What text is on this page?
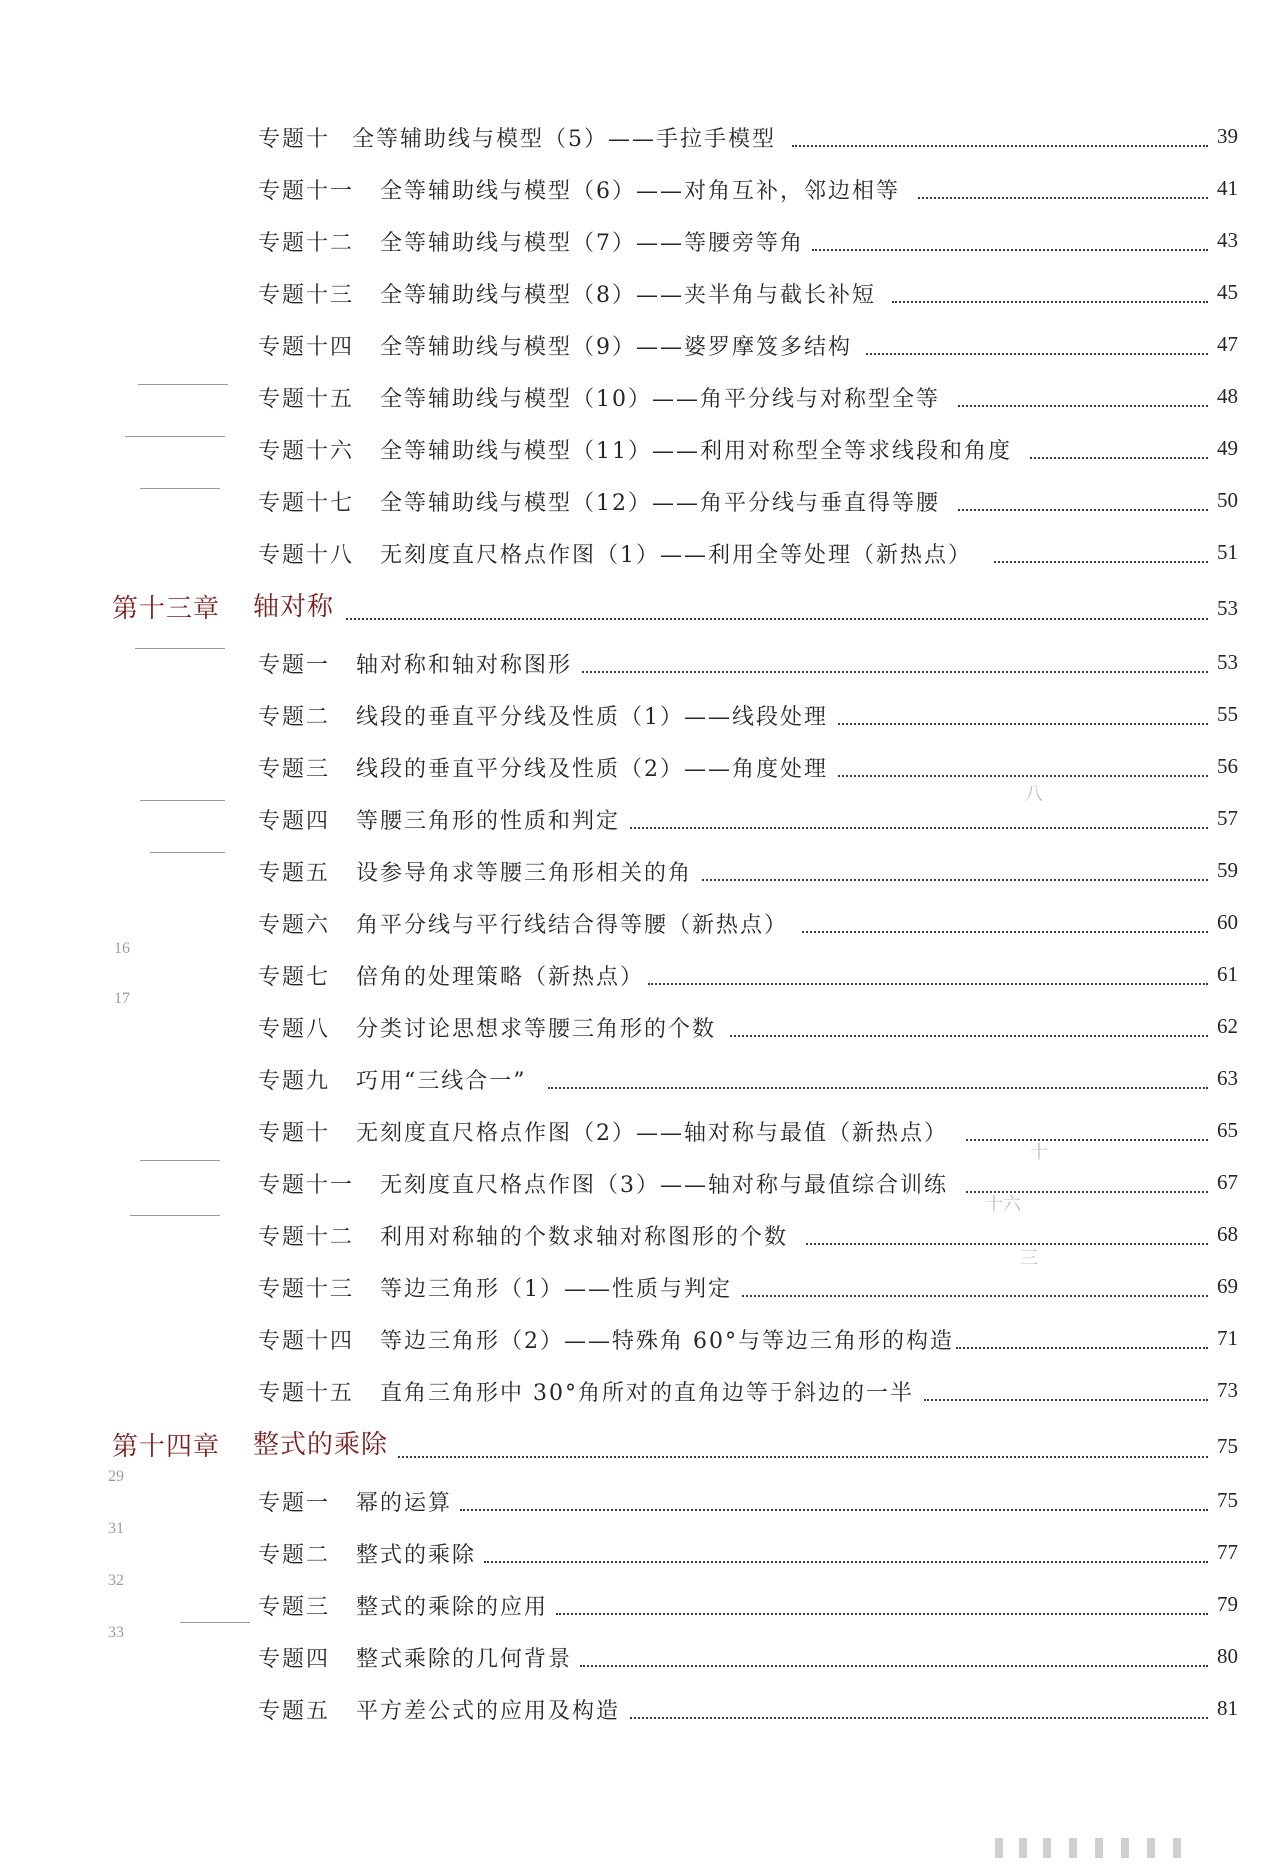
16
17
29
31
32
33
十六
三
十
八
专题十 全等辅助线与模型（5）——手拉手模型	39
专题十一 全等辅助线与模型（6）——对角互补，邻边相等	41
专题十二 全等辅助线与模型（7）——等腰旁等角	43
专题十三 全等辅助线与模型（8）——夹半角与截长补短	45
专题十四 全等辅助线与模型（9）——婆罗摩笈多结构	47
专题十五 全等辅助线与模型（10）——角平分线与对称型全等	48
专题十六 全等辅助线与模型（11）——利用对称型全等求线段和角度	49
专题十七 全等辅助线与模型（12）——角平分线与垂直得等腰	50
专题十八 无刻度直尺格点作图（1）——利用全等处理（新热点）	51
第十三章 轴对称	53
专题一 轴对称和轴对称图形	53
专题二 线段的垂直平分线及性质（1）——线段处理	55
专题三 线段的垂直平分线及性质（2）——角度处理	56
专题四 等腰三角形的性质和判定	57
专题五 设参导角求等腰三角形相关的角	59
专题六 角平分线与平行线结合得等腰（新热点）	60
专题七 倍角的处理策略（新热点）	61
专题八 分类讨论思想求等腰三角形的个数	62
专题九 巧用“三线合一”	63
专题十 无刻度直尺格点作图（2）——轴对称与最值（新热点）	65
专题十一 无刻度直尺格点作图（3）——轴对称与最值综合训练	67
专题十二 利用对称轴的个数求轴对称图形的个数	68
专题十三 等边三角形（1）——性质与判定	69
专题十四 等边三角形（2）——特殊角 60°与等边三角形的构造	71
专题十五 直角三角形中 30°角所对的直角边等于斜边的一半	73
第十四章 整式的乘除	75
专题一 幂的运算	75
专题二 整式的乘除	77
专题三 整式的乘除的应用	79
专题四 整式乘除的几何背景	80
专题五 平方差公式的应用及构造	81
